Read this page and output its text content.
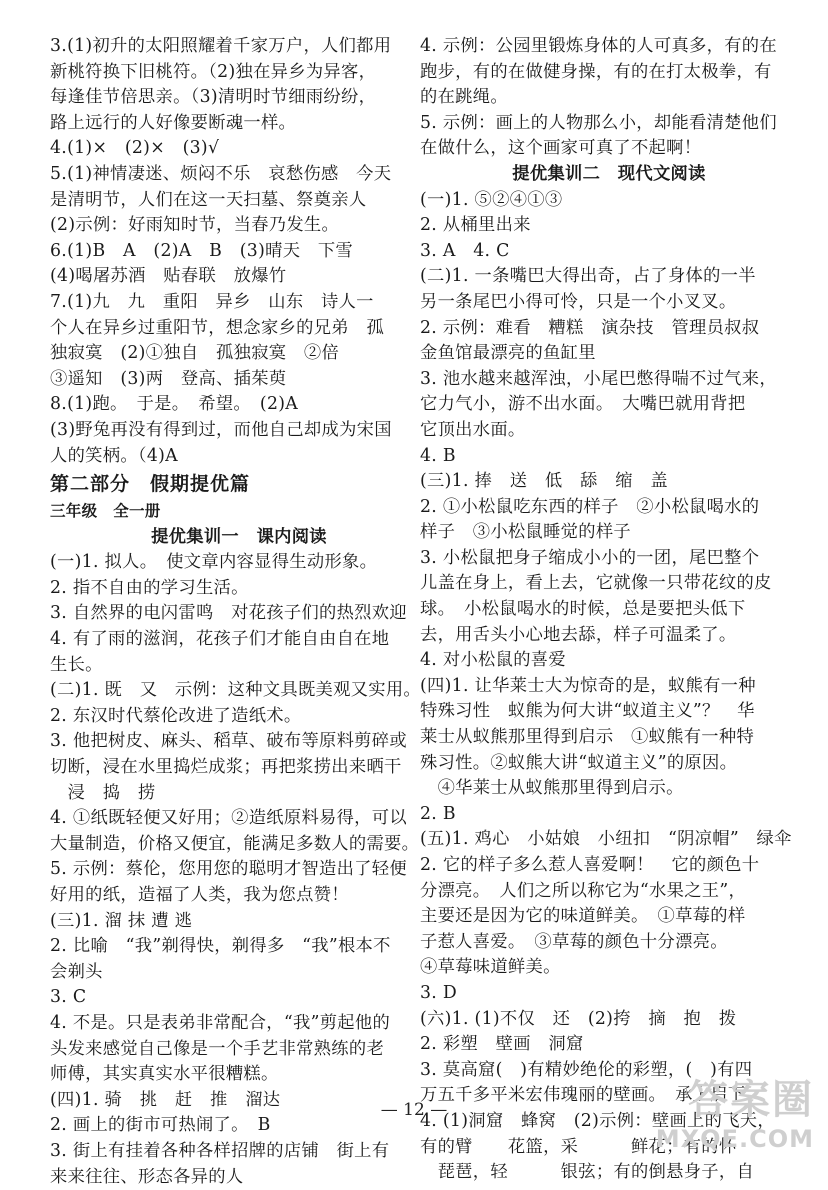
3.(1)初升的太阳照耀着千家万户，人们都用
新桃符换下旧桃符。（2)独在异乡为异客，
每逢佳节倍思亲。（3)清明时节细雨纷纷，
路上远行的人好像要断魂一样。
4.(1)×　(2)×　(3)√
5.(1)神情凄迷、烦闷不乐　哀愁伤感　今天
是清明节，人们在这一天扫墓、祭奠亲人
(2)示例：好雨知时节，当春乃发生。
6.(1)B　A　(2)A　B　(3)晴天　下雪
(4)喝屠苏酒　贴春联　放爆竹
7.(1)九　九　重阳　异乡　山东　诗人一
个人在异乡过重阳节，想念家乡的兄弟　孤
独寂寞　(2)①独自　孤独寂寞　②倍
③遥知　(3)两　登高、插茱萸
8.(1)跑。　于是。　希望。　(2)A
(3)野兔再没有得到过，而他自己却成为宋国
人的笑柄。（4)A
第二部分　假期提优篇
三年级　全一册
提优集训一　课内阅读
(一)1. 拟人。　使文章内容显得生动形象。
2. 指不自由的学习生活。
3. 自然界的电闪雷鸣　对花孩子们的热烈欢迎
4. 有了雨的滋润，花孩子们才能自由自在地
生长。
(二)1. 既　又　示例：这种文具既美观又实用。
2. 东汉时代蔡伦改进了造纸术。
3. 他把树皮、麻头、稻草、破布等原料剪碎或
切断，浸在水里捣烂成浆；再把浆捞出来晒干
　浸　捣　捞
4. ①纸既轻便又好用；②造纸原料易得，可以
大量制造，价格又便宜，能满足多数人的需要。
5. 示例：蔡伦，您用您的聪明才智造出了轻便
好用的纸，造福了人类，我为您点赞！
(三)1. 溜 抹 遭 逃
2. 比喻　“我”剃得快，剃得多　“我”根本不
会剃头
3. C
4. 不是。只是表弟非常配合，“我”剪起他的
头发来感觉自己像是一个手艺非常熟练的老
师傅，其实真实水平很糟糕。
(四)1. 骑　挑　赶　推　溜达
2. 画上的街市可热闹了。　B
3. 街上有挂着各种各样招牌的店铺　街上有
来来往往、形态各异的人
4. 示例：公园里锻炼身体的人可真多，有的在
跑步，有的在做健身操，有的在打太极拳，有
的在跳绳。
5. 示例：画上的人物那么小，却能看清楚他们
在做什么，这个画家可真了不起啊！
提优集训二　现代文阅读
(一)1. ⑤②④①③
2. 从桶里出来
3. A　4. C
(二)1. 一条嘴巴大得出奇，占了身体的一半
另一条尾巴小得可怜，只是一个小叉叉。
2. 示例：难看　糟糕　演杂技　管理员叔叔
金鱼馆最漂亮的鱼缸里
3. 池水越来越浑浊，小尾巴憋得喘不过气来，
它力气小，游不出水面。　大嘴巴就用背把
它顶出水面。
4. B
(三)1. 捧　送　低　舔　缩　盖
2. ①小松鼠吃东西的样子　②小松鼠喝水的
样子　③小松鼠睡觉的样子
3. 小松鼠把身子缩成小小的一团，尾巴整个
儿盖在身上，看上去，它就像一只带花纹的皮
球。　小松鼠喝水的时候，总是要把头低下
去，用舌头小心地去舔，样子可温柔了。
4. 对小松鼠的喜爱
(四)1. 让华莱士大为惊奇的是，蚁熊有一种
特殊习性　蚁熊为何大讲“蚁道主义”？　华
莱士从蚁熊那里得到启示　①蚁熊有一种特
殊习性。②蚁熊大讲“蚁道主义”的原因。
　④华莱士从蚁熊那里得到启示。
2. B
(五)1. 鸡心　小姑娘　小纽扣　“阴凉帽”　绿伞
2. 它的样子多么惹人喜爱啊！　它的颜色十
分漂亮。　人们之所以称它为“水果之王”，
主要还是因为它的味道鲜美。　①草莓的样
子惹人喜爱。　③草莓的颜色十分漂亮。
④草莓味道鲜美。
3. D
(六)1. (1)不仅　还　(2)挎　摘　抱　拨
2. 彩塑　壁画　洞窟
3. 莫高窟(　)有精妙绝伦的彩塑，(　)有四
万五千多平米宏伟瑰丽的壁画。　承上启下
4. (1)洞窟　蜂窝　(2)示例：壁画上的飞天，
有的臂　　花篮，采　　　鲜花；有的怀
　琵琶，轻　　　银弦；有的倒悬身子，自
— 12 —	答案圈
MXQE.COM
